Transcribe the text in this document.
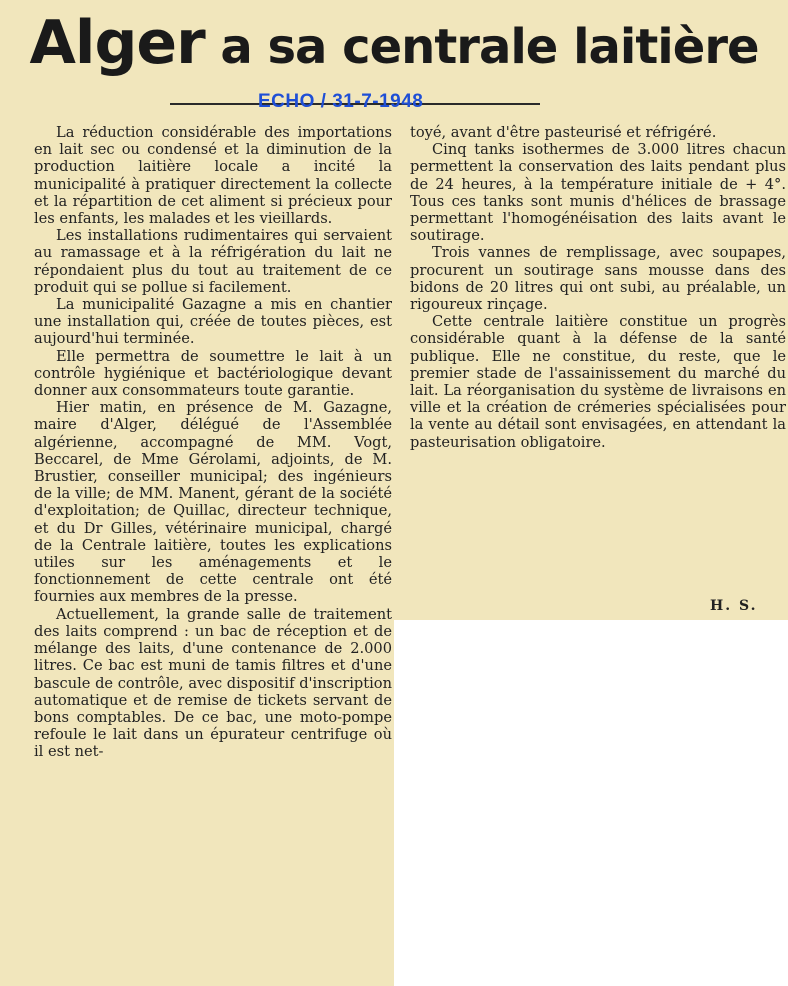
Alger a sa centrale laitière
ECHO / 31-7-1948

La réduction considérable des importations en lait sec ou condensé et la diminution de la production laitière locale a incité la municipalité à pratiquer directement la collecte et la répartition de cet aliment si précieux pour les enfants, les malades et les vieillards.

Les installations rudimentaires qui servaient au ramassage et à la réfrigération du lait ne répondaient plus du tout au traitement de ce produit qui se pollue si facilement.

La municipalité Gazagne a mis en chantier une installation qui, créée de toutes pièces, est aujourd'hui terminée.

Elle permettra de soumettre le lait à un contrôle hygiénique et bactériologique devant donner aux consommateurs toute garantie.

Hier matin, en présence de M. Gazagne, maire d'Alger, délégué de l'Assemblée algérienne, accompagné de MM. Vogt, Beccarel, de Mme Gérolami, adjoints, de M. Brustier, conseiller municipal; des ingénieurs de la ville; de MM. Manent, gérant de la société d'exploitation; de Quillac, directeur technique, et du Dr Gilles, vétérinaire municipal, chargé de la Centrale laitière, toutes les explications utiles sur les aménagements et le fonctionnement de cette centrale ont été fournies aux membres de la presse.

Actuellement, la grande salle de traitement des laits comprend : un bac de réception et de mélange des laits, d'une contenance de 2.000 litres. Ce bac est muni de tamis filtres et d'une bascule de contrôle, avec dispositif d'inscription automatique et de remise de tickets servant de bons comptables. De ce bac, une moto-pompe refoule le lait dans un épurateur centrifuge où il est net-

toyé, avant d'être pasteurisé et réfrigéré.

Cinq tanks isothermes de 3.000 litres chacun permettent la conservation des laits pendant plus de 24 heures, à la température initiale de + 4°. Tous ces tanks sont munis d'hélices de brassage permettant l'homogénéisation des laits avant le soutirage.

Trois vannes de remplissage, avec soupapes, procurent un soutirage sans mousse dans des bidons de 20 litres qui ont subi, au préalable, un rigoureux rinçage.

Cette centrale laitière constitue un progrès considérable quant à la défense de la santé publique. Elle ne constitue, du reste, que le premier stade de l'assainissement du marché du lait. La réorganisation du système de livraisons en ville et la création de crémeries spécialisées pour la vente au détail sont envisagées, en attendant la pasteurisation obligatoire.

H. S.
